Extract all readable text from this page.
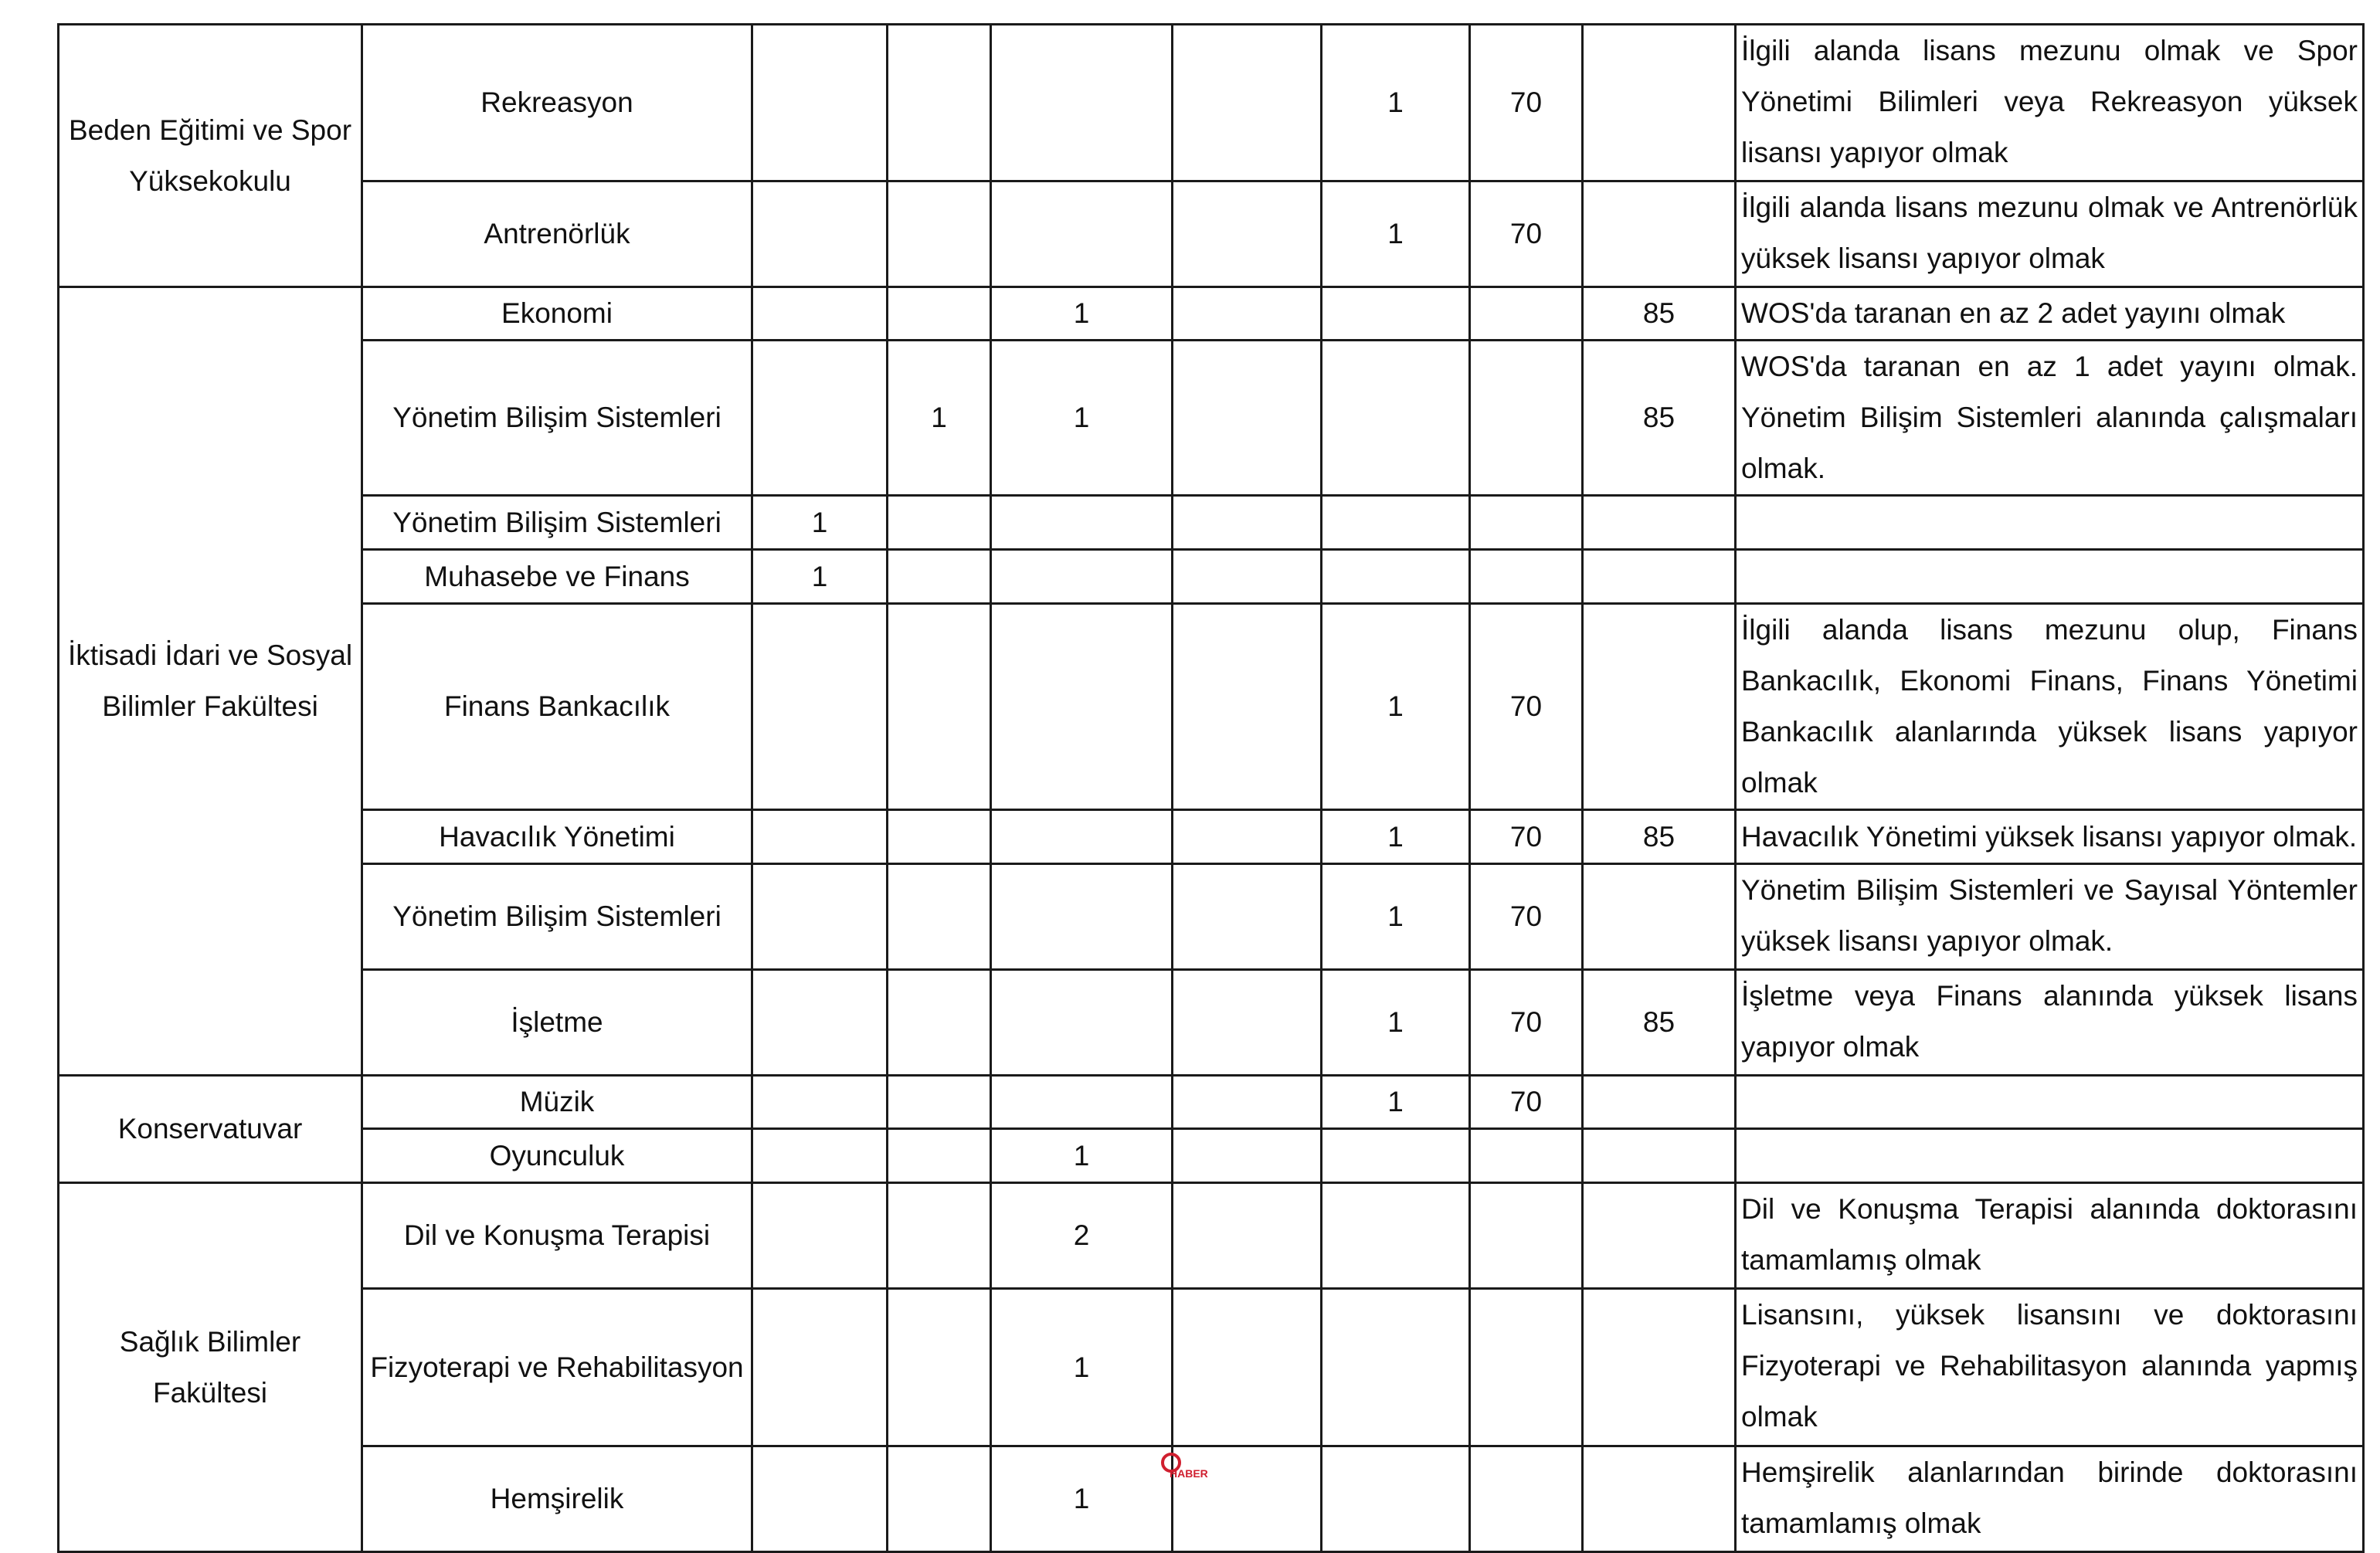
Beden Eğitimi ve Spor Yüksekokulu	Rekreasyon					1	70		İlgili alanda lisans mezunu olmak ve Spor Yönetimi Bilimleri veya Rekreasyon yüksek lisansı yapıyor olmak
	Antrenörlük					1	70		İlgili alanda lisans mezunu olmak ve Antrenörlük yüksek lisansı yapıyor olmak
İktisadi İdari ve Sosyal Bilimler Fakültesi	Ekonomi			1				85	WOS'da taranan en az 2 adet yayını olmak
	Yönetim Bilişim Sistemleri		1	1				85	WOS'da taranan en az 1 adet yayını olmak. Yönetim Bilişim Sistemleri alanında çalışmaları olmak.
	Yönetim Bilişim Sistemleri	1							
	Muhasebe ve Finans	1							
	Finans Bankacılık					1	70		İlgili alanda lisans mezunu olup, Finans Bankacılık, Ekonomi Finans, Finans Yönetimi Bankacılık alanlarında yüksek lisans yapıyor olmak
	Havacılık Yönetimi					1	70	85	Havacılık Yönetimi yüksek lisansı yapıyor olmak.
	Yönetim Bilişim Sistemleri					1	70		Yönetim Bilişim Sistemleri ve Sayısal Yöntemler yüksek lisansı yapıyor olmak.
	İşletme					1	70	85	İşletme veya Finans alanında yüksek lisans yapıyor olmak
Konservatuvar	Müzik					1	70		
	Oyunculuk			1					
Sağlık Bilimler Fakültesi	Dil ve Konuşma Terapisi			2					Dil ve Konuşma Terapisi alanında doktorasını tamamlamış olmak
	Fizyoterapi ve Rehabilitasyon			1					Lisansını, yüksek lisansını ve doktorasını Fizyoterapi ve Rehabilitasyon alanında yapmış olmak
	Hemşirelik			1					Hemşirelik alanlarından birinde doktorasını tamamlamış olmak
HABER
